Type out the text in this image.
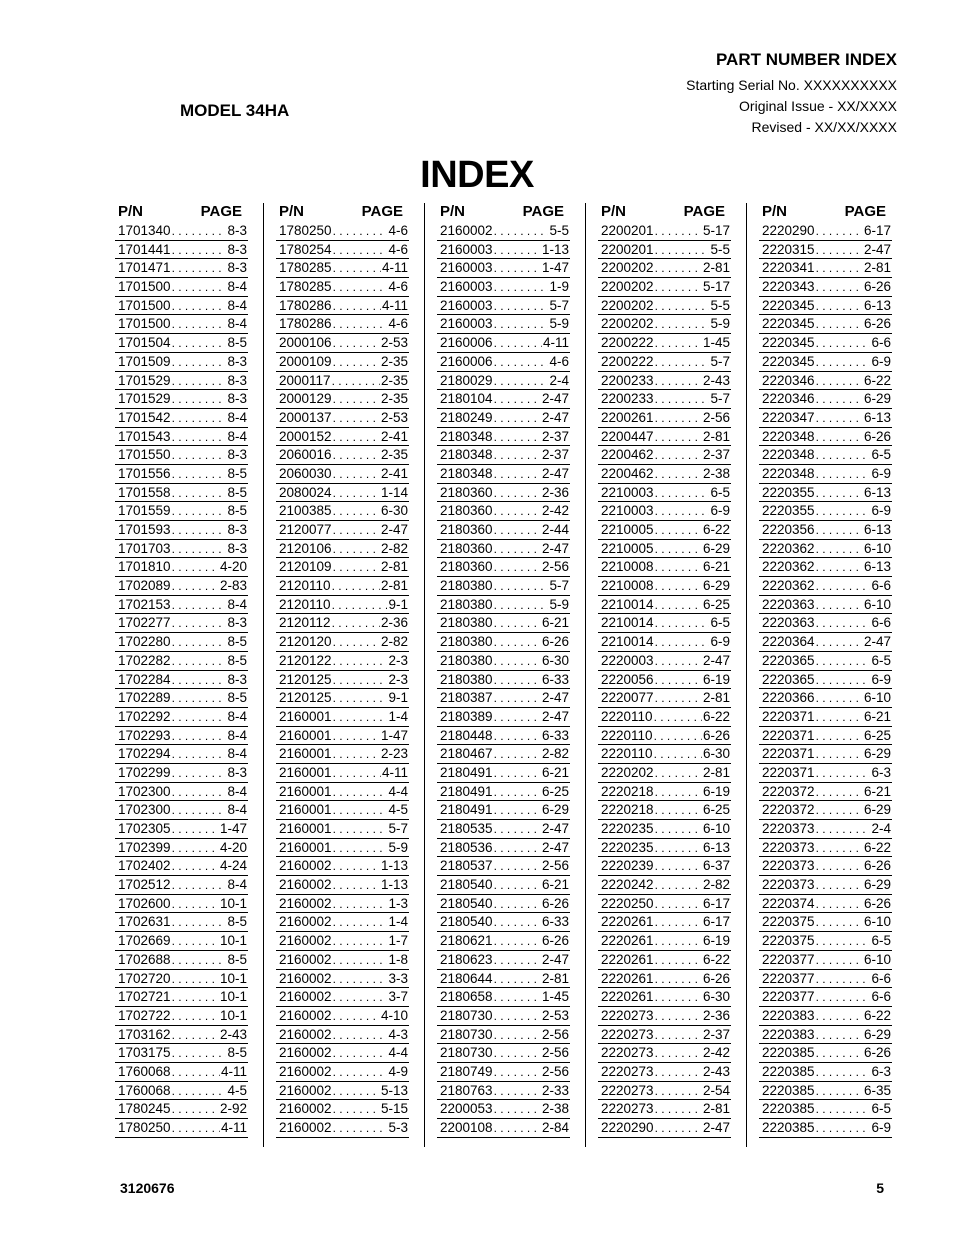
PART NUMBER INDEX
Starting Serial No. XXXXXXXXXX
Original Issue - XX/XXXX
Revised - XX/XX/XXXX
MODEL 34HA
INDEX
P/N	PAGE
1701340 . . .	8-3
1701441 . . .	8-3
1701471 . . .	8-3
1701500 . . .	8-4
1701500 . . .	8-4
1701500 . . .	8-4
1701504 . . .	8-5
1701509 . . .	8-3
1701529 . . .	8-3
1701529 . . .	8-3
1701542 . . .	8-4
1701543 . . .	8-4
1701550 . . .	8-3
1701556 . . .	8-5
1701558 . . .	8-5
1701559 . . .	8-5
1701593 . . .	8-3
1701703 . . .	8-3
1701810 . . .	4-20
1702089 . . .	2-83
1702153 . . .	8-4
1702277 . . .	8-3
1702280 . . .	8-5
1702282 . . .	8-5
1702284 . . .	8-3
1702289 . . .	8-5
1702292 . . .	8-4
1702293 . . .	8-4
1702294 . . .	8-4
1702299 . . .	8-3
1702300 . . .	8-4
1702300 . . .	8-4
1702305 . . .	1-47
1702399 . . .	4-20
1702402 . . .	4-24
1702512 . . .	8-4
1702600 . . .	10-1
1702631 . . .	8-5
1702669 . . .	10-1
1702688 . . .	8-5
1702720 . . .	10-1
1702721 . . .	10-1
1702722 . . .	10-1
1703162 . . .	2-43
1703175 . . .	8-5
1760068 . . .	4-11
1760068 . . .	4-5
1780245 . . .	2-92
1780250 . . .	4-11
P/N	PAGE
1780250 . . .	4-6
1780254 . . .	4-6
1780285 . . .	4-11
1780285 . . .	4-6
1780286 . . .	4-11
1780286 . . .	4-6
2000106 . . .	2-53
2000109 . . .	2-35
2000117 . . .	2-35
2000129 . . .	2-35
2000137 . . .	2-53
2000152 . . .	2-41
2060016 . . .	2-35
2060030 . . .	2-41
2080024 . . .	1-14
2100385 . . .	6-30
2120077 . . .	2-47
2120106 . . .	2-82
2120109 . . .	2-81
2120110 . . .	2-81
2120110 . . .	9-1
2120112 . . .	2-36
2120120 . . .	2-82
2120122 . . .	2-3
2120125 . . .	2-3
2120125 . . .	9-1
2160001 . . .	1-4
2160001 . . .	1-47
2160001 . . .	2-23
2160001 . . .	4-11
2160001 . . .	4-4
2160001 . . .	4-5
2160001 . . .	5-7
2160001 . . .	5-9
2160002 . . .	1-13
2160002 . . .	1-13
2160002 . . .	1-3
2160002 . . .	1-4
2160002 . . .	1-7
2160002 . . .	1-8
2160002 . . .	3-3
2160002 . . .	3-7
2160002 . . .	4-10
2160002 . . .	4-3
2160002 . . .	4-4
2160002 . . .	4-9
2160002 . . .	5-13
2160002 . . .	5-15
2160002 . . .	5-3
P/N	PAGE
2160002 . . .	5-5
2160003 . . .	1-13
2160003 . . .	1-47
2160003 . . .	1-9
2160003 . . .	5-7
2160003 . . .	5-9
2160006 . . .	4-11
2160006 . . .	4-6
2180029 . . .	2-4
2180104 . . .	2-47
2180249 . . .	2-47
2180348 . . .	2-37
2180348 . . .	2-37
2180348 . . .	2-47
2180360 . . .	2-36
2180360 . . .	2-42
2180360 . . .	2-44
2180360 . . .	2-47
2180360 . . .	2-56
2180380 . . .	5-7
2180380 . . .	5-9
2180380 . . .	6-21
2180380 . . .	6-26
2180380 . . .	6-30
2180380 . . .	6-33
2180387 . . .	2-47
2180389 . . .	2-47
2180448 . . .	6-33
2180467 . . .	2-82
2180491 . . .	6-21
2180491 . . .	6-25
2180491 . . .	6-29
2180535 . . .	2-47
2180536 . . .	2-47
2180537 . . .	2-56
2180540 . . .	6-21
2180540 . . .	6-26
2180540 . . .	6-33
2180621 . . .	6-26
2180623 . . .	2-47
2180644 . . .	2-81
2180658 . . .	1-45
2180730 . . .	2-53
2180730 . . .	2-56
2180730 . . .	2-56
2180749 . . .	2-56
2180763 . . .	2-33
2200053 . . .	2-38
2200108 . . .	2-84
P/N	PAGE
2200201 . . .	5-17
2200201 . . .	5-5
2200202 . . .	2-81
2200202 . . .	5-17
2200202 . . .	5-5
2200202 . . .	5-9
2200222 . . .	1-45
2200222 . . .	5-7
2200233 . . .	2-43
2200233 . . .	5-7
2200261 . . .	2-56
2200447 . . .	2-81
2200462 . . .	2-37
2200462 . . .	2-38
2210003 . . .	6-5
2210003 . . .	6-9
2210005 . . .	6-22
2210005 . . .	6-29
2210008 . . .	6-21
2210008 . . .	6-29
2210014 . . .	6-25
2210014 . . .	6-5
2210014 . . .	6-9
2220003 . . .	2-47
2220056 . . .	6-19
2220077 . . .	2-81
2220110 . . .	6-22
2220110 . . .	6-26
2220110 . . .	6-30
2220202 . . .	2-81
2220218 . . .	6-19
2220218 . . .	6-25
2220235 . . .	6-10
2220235 . . .	6-13
2220239 . . .	6-37
2220242 . . .	2-82
2220250 . . .	6-17
2220261 . . .	6-17
2220261 . . .	6-19
2220261 . . .	6-22
2220261 . . .	6-26
2220261 . . .	6-30
2220273 . . .	2-36
2220273 . . .	2-37
2220273 . . .	2-42
2220273 . . .	2-43
2220273 . . .	2-54
2220273 . . .	2-81
2220290 . . .	2-47
P/N	PAGE
2220290 . . .	6-17
2220315 . . .	2-47
2220341 . . .	2-81
2220343 . . .	6-26
2220345 . . .	6-13
2220345 . . .	6-26
2220345 . . .	6-6
2220345 . . .	6-9
2220346 . . .	6-22
2220346 . . .	6-29
2220347 . . .	6-13
2220348 . . .	6-26
2220348 . . .	6-5
2220348 . . .	6-9
2220355 . . .	6-13
2220355 . . .	6-9
2220356 . . .	6-13
2220362 . . .	6-10
2220362 . . .	6-13
2220362 . . .	6-6
2220363 . . .	6-10
2220363 . . .	6-6
2220364 . . .	2-47
2220365 . . .	6-5
2220365 . . .	6-9
2220366 . . .	6-10
2220371 . . .	6-21
2220371 . . .	6-25
2220371 . . .	6-29
2220371 . . .	6-3
2220372 . . .	6-21
2220372 . . .	6-29
2220373 . . .	2-4
2220373 . . .	6-22
2220373 . . .	6-26
2220373 . . .	6-29
2220374 . . .	6-26
2220375 . . .	6-10
2220375 . . .	6-5
2220377 . . .	6-10
2220377 . . .	6-6
2220377 . . .	6-6
2220383 . . .	6-22
2220383 . . .	6-29
2220385 . . .	6-26
2220385 . . .	6-3
2220385 . . .	6-35
2220385 . . .	6-5
2220385 . . .	6-9
3120676	5
